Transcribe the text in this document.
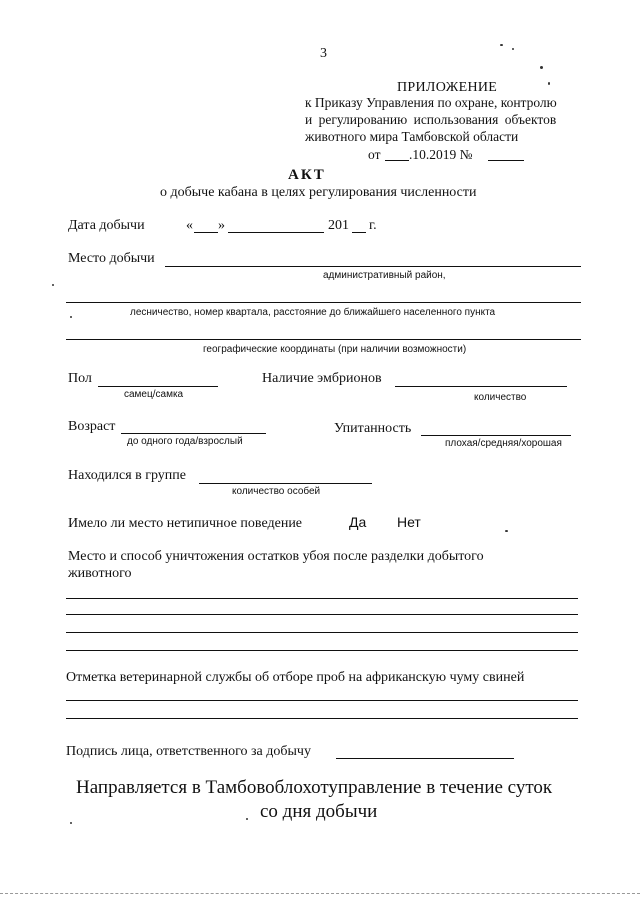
3
ПРИЛОЖЕНИЕ
к Приказу Управления по охране, контролю
и регулированию использования объектов
животного мира Тамбовской области
от .10.2019 №
АКТ
о добыче кабана в целях регулирования численности
Дата добычи	« »	201 г.
Место добычи
административный район,
лесничество, номер квартала, расстояние до ближайшего населенного пункта
географические координаты (при наличии возможности)
Пол
самец/самка
Наличие эмбрионов
количество
Возраст
до одного года/взрослый
Упитанность
плохая/средняя/хорошая
Находился в группе
количество особей
Имело ли место нетипичное поведение	Да Нет
Место и способ уничтожения остатков убоя после разделки добытого
животного
Отметка ветеринарной службы об отборе проб на африканскую чуму свиней
Подпись лица, ответственного за добычу
Направляется в Тамбовоблохотуправление в течение суток
со дня добычи
